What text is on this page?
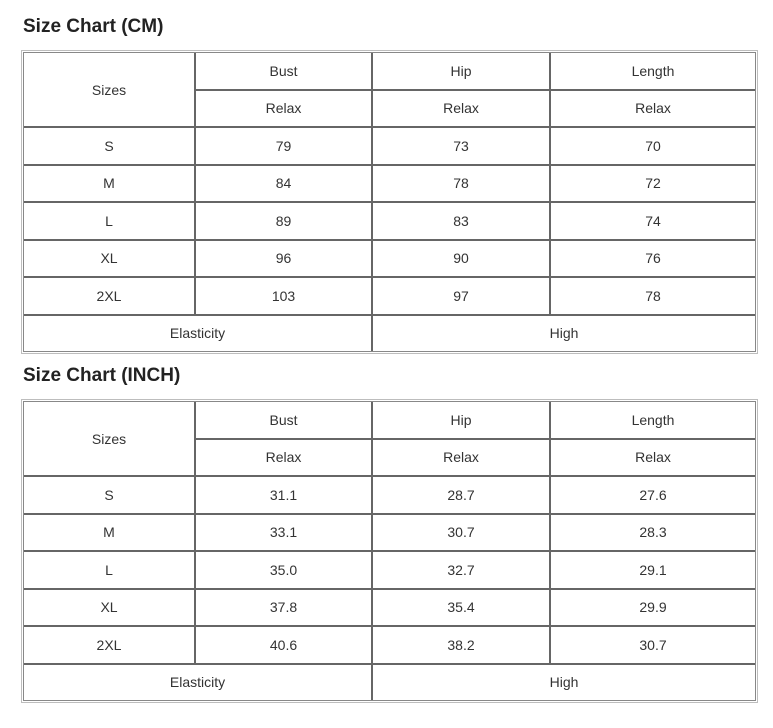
Size Chart (CM)
Sizes	Bust	Hip	Length
	Relax	Relax	Relax
S	79	73	70
M	84	78	72
L	89	83	74
XL	96	90	76
2XL	103	97	78
Elasticity		High	
Size Chart (INCH)
Sizes	Bust	Hip	Length
	Relax	Relax	Relax
S	31.1	28.7	27.6
M	33.1	30.7	28.3
L	35.0	32.7	29.1
XL	37.8	35.4	29.9
2XL	40.6	38.2	30.7
Elasticity		High	
